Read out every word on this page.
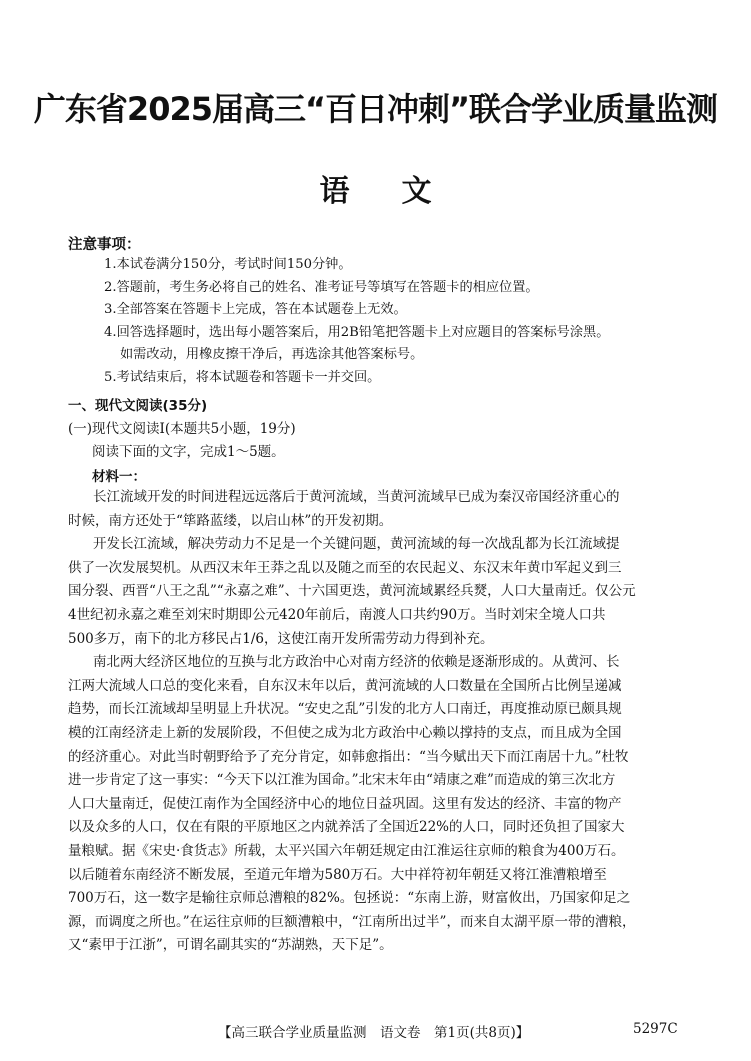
广东省2025届高三“百日冲刺”联合学业质量监测
语文
注意事项：
1.本试卷满分150分，考试时间150分钟。
2.答题前，考生务必将自己的姓名、准考证号等填写在答题卡的相应位置。
3.全部答案在答题卡上完成，答在本试题卷上无效。
4.回答选择题时，选出每小题答案后，用2B铅笔把答题卡上对应题目的答案标号涂黑。
如需改动，用橡皮擦干净后，再选涂其他答案标号。
5.考试结束后，将本试题卷和答题卡一并交回。
一、现代文阅读(35分)
(一)现代文阅读Ⅰ(本题共5小题，19分)
阅读下面的文字，完成1～5题。
材料一：
长江流域开发的时间进程远远落后于黄河流域，当黄河流域早已成为秦汉帝国经济重心的
时候，南方还处于“筚路蓝缕，以启山林”的开发初期。
开发长江流域，解决劳动力不足是一个关键问题，黄河流域的每一次战乱都为长江流域提
供了一次发展契机。从西汉末年王莽之乱以及随之而至的农民起义、东汉末年黄巾军起义到三
国分裂、西晋“八王之乱”“永嘉之难”、十六国更迭，黄河流域累经兵燹，人口大量南迁。仅公元
4世纪初永嘉之难至刘宋时期即公元420年前后，南渡人口共约90万。当时刘宋全境人口共
500多万，南下的北方移民占1/6，这使江南开发所需劳动力得到补充。
南北两大经济区地位的互换与北方政治中心对南方经济的依赖是逐渐形成的。从黄河、长
江两大流域人口总的变化来看，自东汉末年以后，黄河流域的人口数量在全国所占比例呈递减
趋势，而长江流域却呈明显上升状况。“安史之乱”引发的北方人口南迁，再度推动原已颇具规
模的江南经济走上新的发展阶段，不但使之成为北方政治中心赖以撑持的支点，而且成为全国
的经济重心。对此当时朝野给予了充分肯定，如韩愈指出：“当今赋出天下而江南居十九。”杜牧
进一步肯定了这一事实：“今天下以江淮为国命。”北宋末年由“靖康之难”而造成的第三次北方
人口大量南迁，促使江南作为全国经济中心的地位日益巩固。这里有发达的经济、丰富的物产
以及众多的人口，仅在有限的平原地区之内就养活了全国近22%的人口，同时还负担了国家大
量粮赋。据《宋史·食货志》所载，太平兴国六年朝廷规定由江淮运往京师的粮食为400万石。
以后随着东南经济不断发展，至道元年增为580万石。大中祥符初年朝廷又将江淮漕粮增至
700万石，这一数字是输往京师总漕粮的82%。包拯说：“东南上游，财富攸出，乃国家仰足之
源，而调度之所也。”在运往京师的巨额漕粮中，“江南所出过半”，而来自太湖平原一带的漕粮，
又“素甲于江浙”，可谓名副其实的“苏湖熟，天下足”。
【高三联合学业质量监测　语文卷　第1页(共8页)】	5297C
